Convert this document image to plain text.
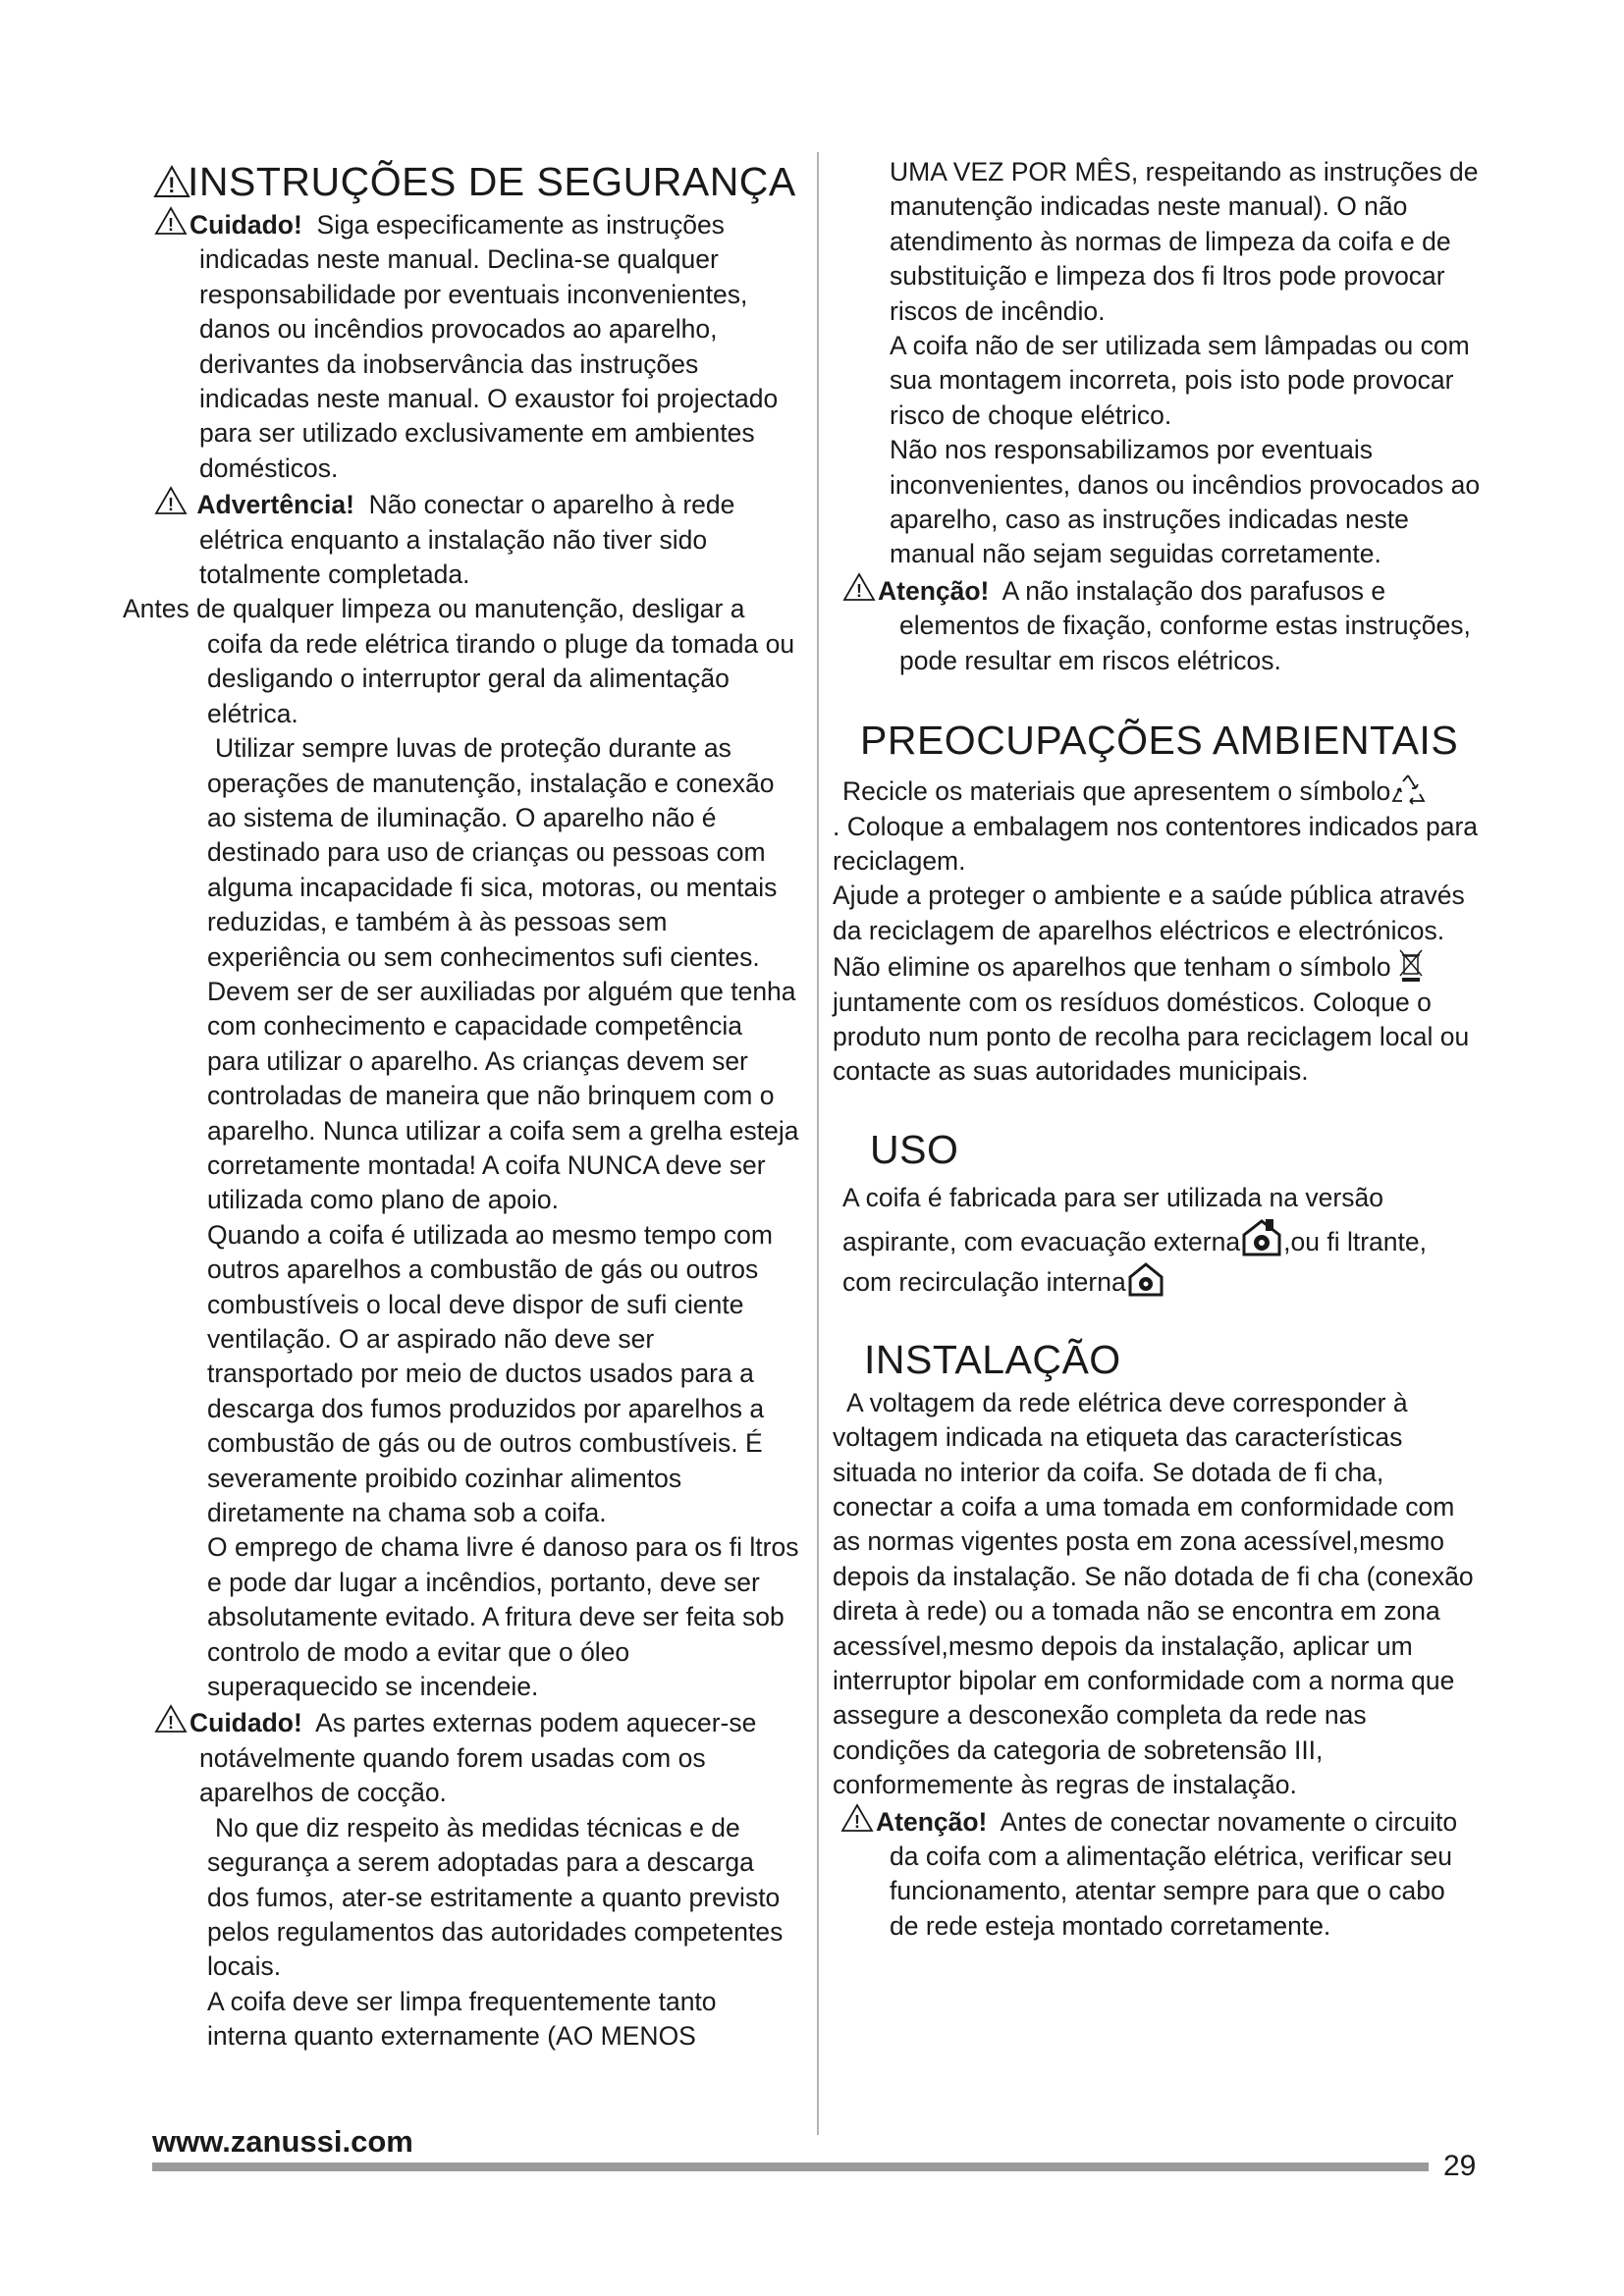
! INSTRUÇÕES DE SEGURANÇA

! Cuidado! Siga especificamente as instruções indicadas neste manual. Declina-se qualquer responsabilidade por eventuais inconvenientes, danos ou incêndios provocados ao aparelho, derivantes da inobservância das instruções indicadas neste manual. O exaustor foi projectado para ser utilizado exclusivamente em ambientes domésticos.

! Advertência! Não conectar o aparelho à rede elétrica enquanto a instalação não tiver sido totalmente completada.

Antes de qualquer limpeza ou manutenção, desligar a coifa da rede elétrica tirando o pluge da tomada ou desligando o interruptor geral da alimentação elétrica.

Utilizar sempre luvas de proteção durante as operações de manutenção, instalação e conexão ao sistema de iluminação. O aparelho não é destinado para uso de crianças ou pessoas com alguma incapacidade fi sica, motoras, ou mentais reduzidas, e também à às pessoas sem experiência ou sem conhecimentos sufi cientes. Devem ser de ser auxiliadas por alguém que tenha com conhecimento e capacidade competência para utilizar o aparelho. As crianças devem ser controladas de maneira que não brinquem com o aparelho. Nunca utilizar a coifa sem a grelha esteja corretamente montada! A coifa NUNCA deve ser utilizada como plano de apoio.

Quando a coifa é utilizada ao mesmo tempo com outros aparelhos a combustão de gás ou outros combustíveis o local deve dispor de sufi ciente ventilação. O ar aspirado não deve ser transportado por meio de ductos usados para a descarga dos fumos produzidos por aparelhos a combustão de gás ou de outros combustíveis. É severamente proibido cozinhar alimentos diretamente na chama sob a coifa.

O emprego de chama livre é danoso para os fi ltros e pode dar lugar a incêndios, portanto, deve ser absolutamente evitado. A fritura deve ser feita sob controlo de modo a evitar que o óleo superaquecido se incendeie.

! Cuidado! As partes externas podem aquecer-se notávelmente quando forem usadas com os aparelhos de cocção.

No que diz respeito às medidas técnicas e de segurança a serem adoptadas para a descarga dos fumos, ater-se estritamente a quanto previsto pelos regulamentos das autoridades competentes locais.

A coifa deve ser limpa frequentemente tanto interna quanto externamente (AO MENOS

UMA VEZ POR MÊS, respeitando as instruções de manutenção indicadas neste manual). O não atendimento às normas de limpeza da coifa e de substituição e limpeza dos fi ltros pode provocar riscos de incêndio.

A coifa não de ser utilizada sem lâmpadas ou com sua montagem incorreta, pois isto pode provocar risco de choque elétrico.

Não nos responsabilizamos por eventuais inconvenientes, danos ou incêndios provocados ao aparelho, caso as instruções indicadas neste manual não sejam seguidas corretamente.

! Atenção! A não instalação dos parafusos e elementos de fixação, conforme estas instruções, pode resultar em riscos elétricos.

PREOCUPAÇÕES AMBIENTAIS

Recicle os materiais que apresentem o símbolo

. Coloque a embalagem nos contentores indicados para reciclagem.

Ajude a proteger o ambiente e a saúde pública através da reciclagem de aparelhos eléctricos e electrónicos. Não elimine os aparelhos que tenham o símbolo  juntamente com os resíduos domésticos. Coloque o produto num ponto de recolha para reciclagem local ou contacte as suas autoridades municipais.

USO

A coifa é fabricada para ser utilizada na versão aspirante, com evacuação externa ,ou fi ltrante, com recirculação interna

INSTALAÇÃO

A voltagem da rede elétrica deve corresponder à voltagem indicada na etiqueta das características situada no interior da coifa. Se dotada de fi cha, conectar a coifa a uma tomada em conformidade com as normas vigentes posta em zona acessível,mesmo depois da instalação. Se não dotada de fi cha (conexão direta à rede) ou a tomada não se encontra em zona acessível,mesmo depois da instalação, aplicar um interruptor bipolar em conformidade com a norma que assegure a desconexão completa da rede nas condições da categoria de sobretensão III, conformemente às regras de instalação.

! Atenção! Antes de conectar novamente o circuito da coifa com a alimentação elétrica, verificar seu funcionamento, atentar sempre para que o cabo de rede esteja montado corretamente.

www.zanussi.com
29
